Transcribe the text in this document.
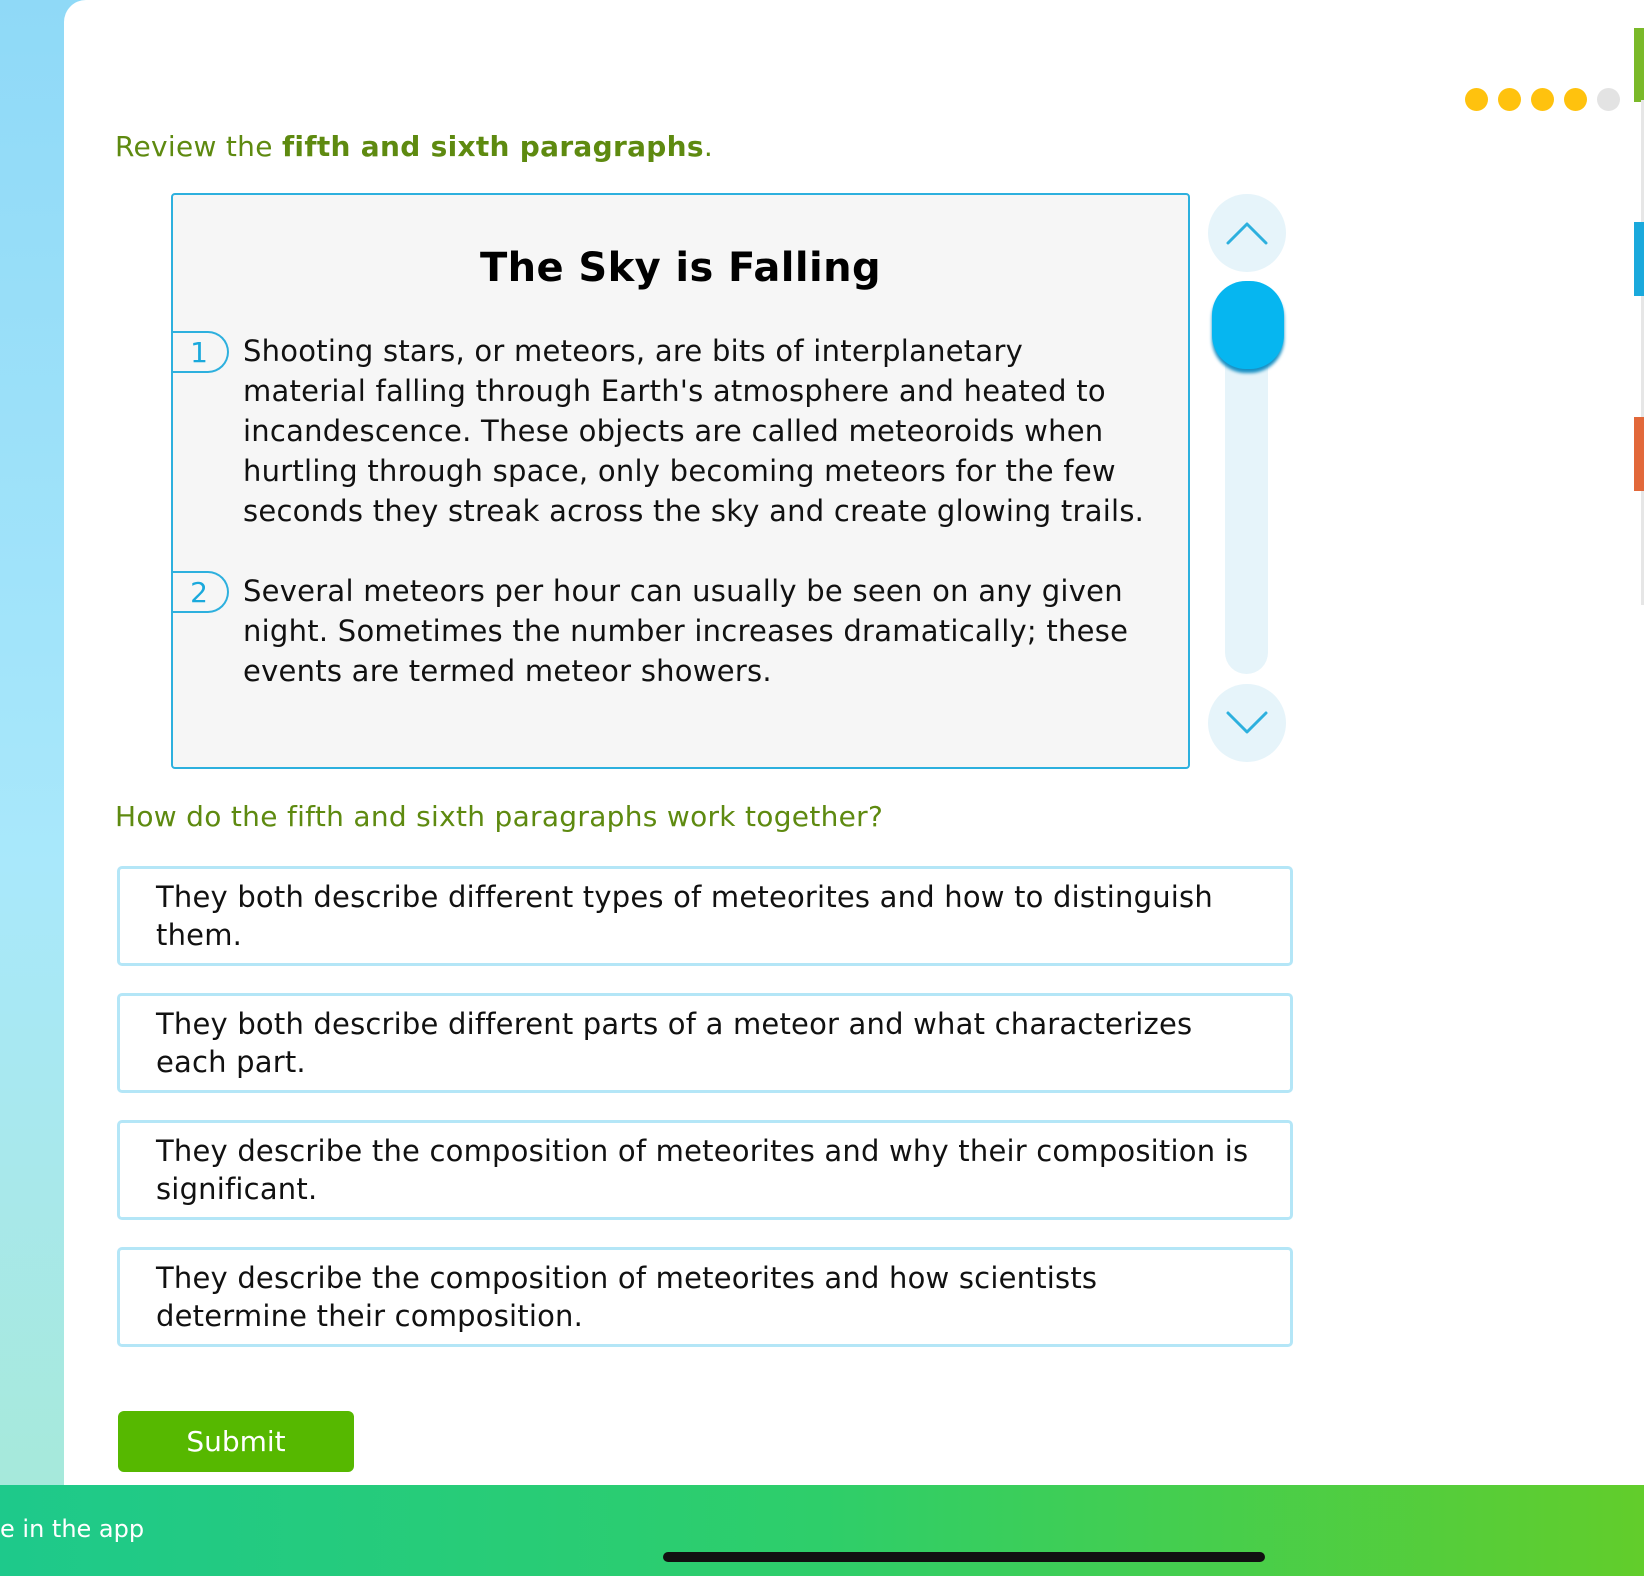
Review the fifth and sixth paragraphs.
The Sky is Falling
1	Shooting stars, or meteors, are bits of interplanetary material falling through Earth's atmosphere and heated to incandescence. These objects are called meteoroids when hurtling through space, only becoming meteors for the few seconds they streak across the sky and create glowing trails.
2	Several meteors per hour can usually be seen on any given night. Sometimes the number increases dramatically; these events are termed meteor showers.
How do the fifth and sixth paragraphs work together?
They both describe different types of meteorites and how to distinguish them.
They both describe different parts of a meteor and what characterizes each part.
They describe the composition of meteorites and why their composition is significant.
They describe the composition of meteorites and how scientists determine their composition.
Submit
e in the app
